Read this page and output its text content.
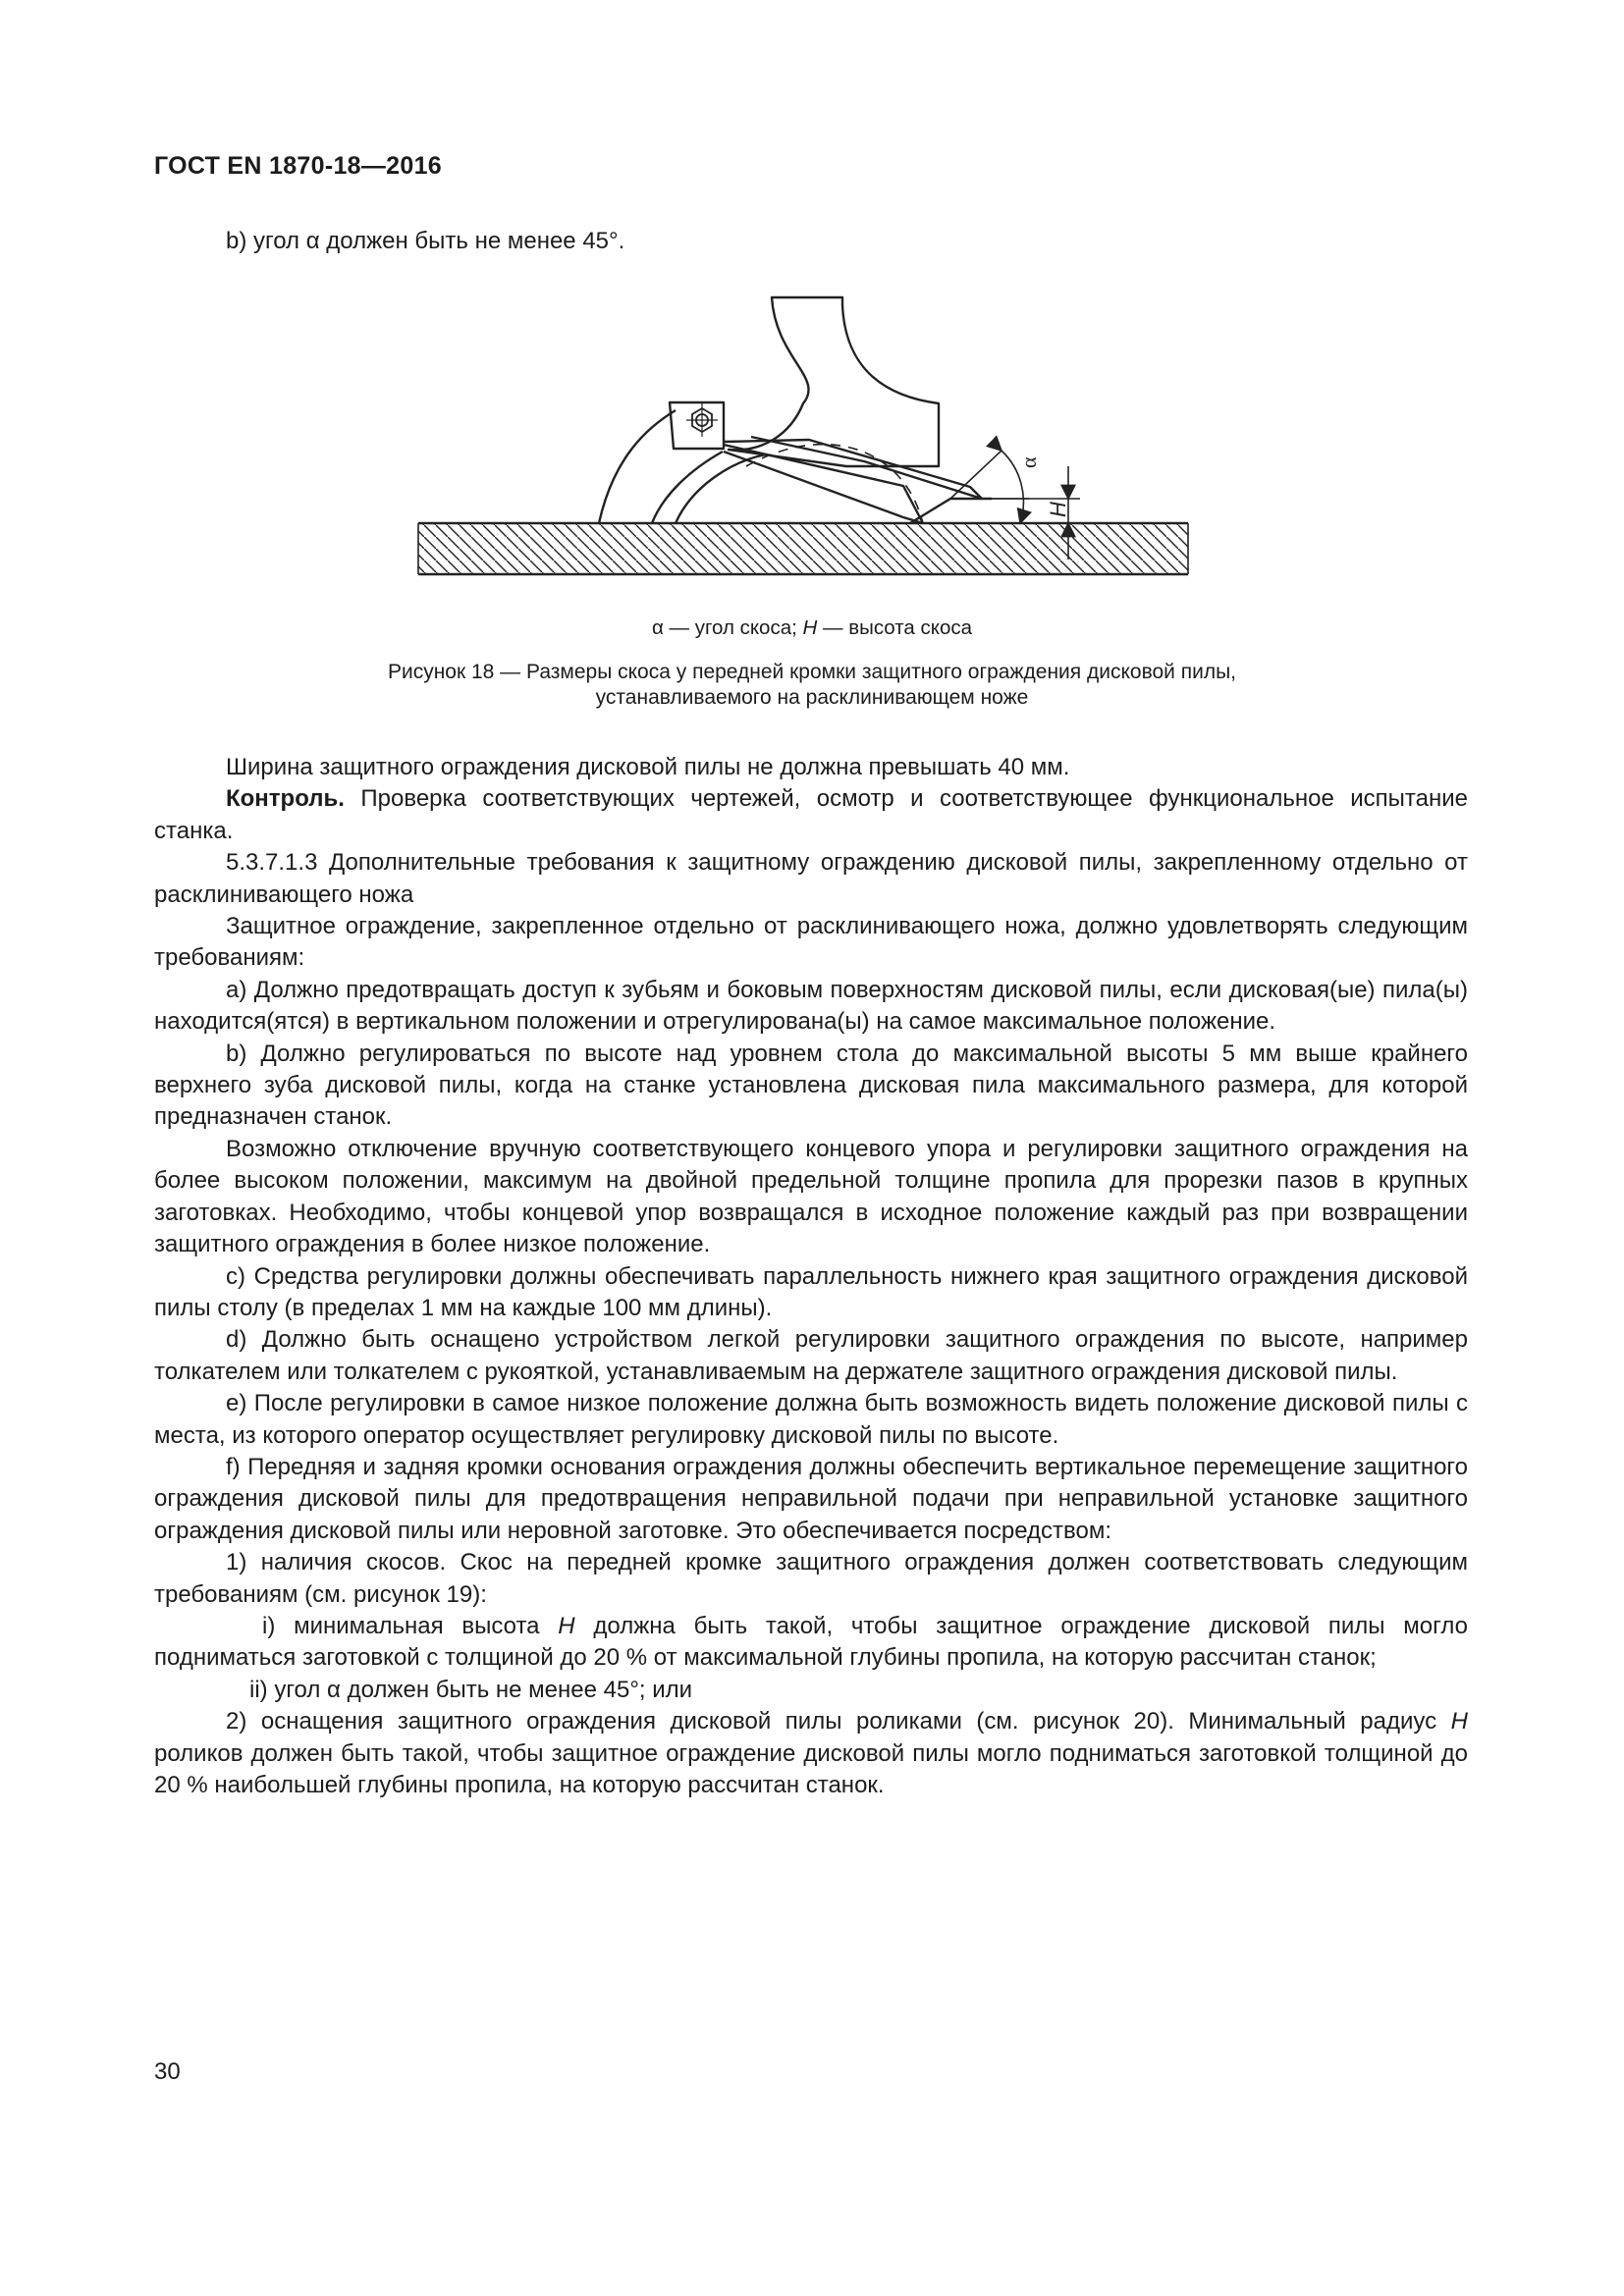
ГОСТ EN 1870-18—2016
b) угол α должен быть не менее 45°.
α
H
α — угол скоса; H — высота скоса
Рисунок 18 — Размеры скоса у передней кромки защитного ограждения дисковой пилы,
устанавливаемого на расклинивающем ноже

Ширина защитного ограждения дисковой пилы не должна превышать 40 мм.

Контроль. Проверка соответствующих чертежей, осмотр и соответствующее функциональное испытание станка.

5.3.7.1.3 Дополнительные требования к защитному ограждению дисковой пилы, закрепленному отдельно от расклинивающего ножа

Защитное ограждение, закрепленное отдельно от расклинивающего ножа, должно удовлетворять следующим требованиям:

a) Должно предотвращать доступ к зубьям и боковым поверхностям дисковой пилы, если дисковая(ые) пила(ы) находится(ятся) в вертикальном положении и отрегулирована(ы) на самое максимальное положение.

b) Должно регулироваться по высоте над уровнем стола до максимальной высоты 5 мм выше крайнего верхнего зуба дисковой пилы, когда на станке установлена дисковая пила максимального размера, для которой предназначен станок.

Возможно отключение вручную соответствующего концевого упора и регулировки защитного ограждения на более высоком положении, максимум на двойной предельной толщине пропила для прорезки пазов в крупных заготовках. Необходимо, чтобы концевой упор возвращался в исходное положение каждый раз при возвращении защитного ограждения в более низкое положение.

c) Средства регулировки должны обеспечивать параллельность нижнего края защитного ограждения дисковой пилы столу (в пределах 1 мм на каждые 100 мм длины).

d) Должно быть оснащено устройством легкой регулировки защитного ограждения по высоте, например толкателем или толкателем с рукояткой, устанавливаемым на держателе защитного ограждения дисковой пилы.

e) После регулировки в самое низкое положение должна быть возможность видеть положение дисковой пилы с места, из которого оператор осуществляет регулировку дисковой пилы по высоте.

f) Передняя и задняя кромки основания ограждения должны обеспечить вертикальное перемещение защитного ограждения дисковой пилы для предотвращения неправильной подачи при неправильной установке защитного ограждения дисковой пилы или неровной заготовке. Это обеспечивается посредством:

1) наличия скосов. Скос на передней кромке защитного ограждения должен соответствовать следующим требованиям (см. рисунок 19):

i) минимальная высота H должна быть такой, чтобы защитное ограждение дисковой пилы могло подниматься заготовкой с толщиной до 20 % от максимальной глубины пропила, на которую рассчитан станок;

ii) угол α должен быть не менее 45°; или

2) оснащения защитного ограждения дисковой пилы роликами (см. рисунок 20). Минимальный радиус H роликов должен быть такой, чтобы защитное ограждение дисковой пилы могло подниматься заготовкой толщиной до 20 % наибольшей глубины пропила, на которую рассчитан станок.

30
